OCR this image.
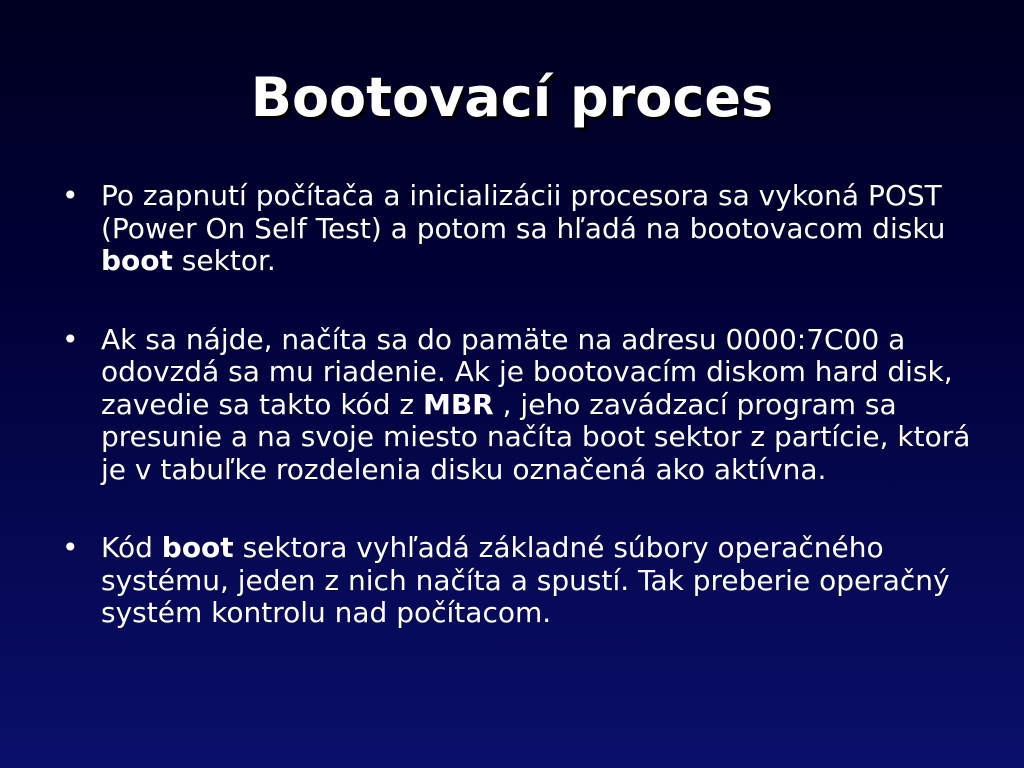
Bootovací proces
• Po zapnutí počítača a inicializácii procesora sa vykoná POST (Power On Self Test) a potom sa hľadá na bootovacom disku boot sektor.
• Ak sa nájde, načíta sa do pamäte na adresu 0000:7C00 a odovzdá sa mu riadenie. Ak je bootovacím diskom hard disk, zavedie sa takto kód z MBR , jeho zavádzací program sa presunie a na svoje miesto načíta boot sektor z partície, ktorá je v tabuľke rozdelenia disku označená ako aktívna.
• Kód boot sektora vyhľadá základné súbory operačného systému, jeden z nich načíta a spustí. Tak preberie operačný systém kontrolu nad počítacom.
